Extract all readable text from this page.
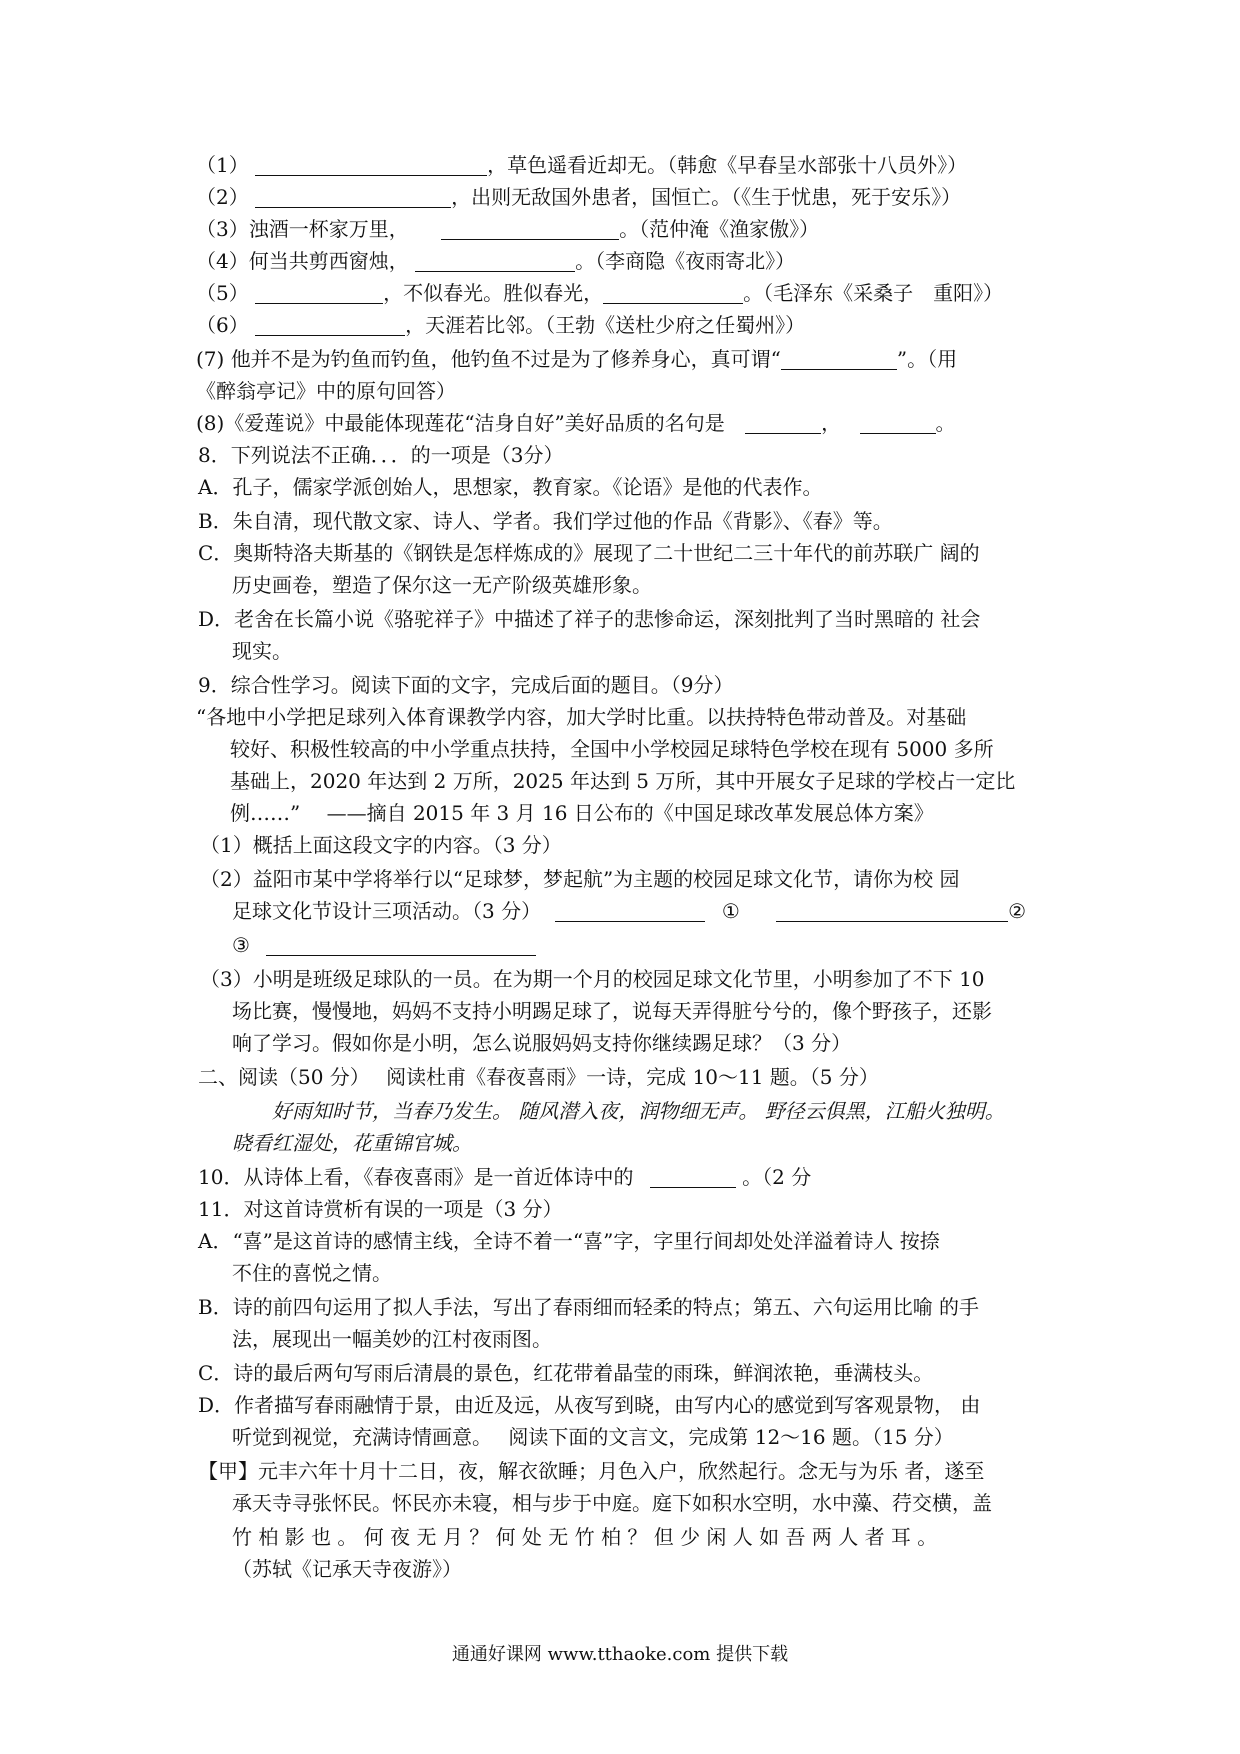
（1）	，草色遥看近却无。（韩愈《早春呈水部张十八员外》）
（2）	，出则无敌国外患者，国恒亡。（《生于忧患，死于安乐》）
（3）浊酒一杯家万里，	。（范仲淹《渔家傲》）
（4）何当共剪西窗烛，	。（李商隐《夜雨寄北》）
（5）	，不似春光。胜似春光，	。（毛泽东《采桑子　重阳》）
（6）	，天涯若比邻。（王勃《送杜少府之任蜀州》）
(7) 他并不是为钓鱼而钓鱼，他钓鱼不过是为了修养身心，真可谓“	”。（用
《醉翁亭记》中的原句回答）
(8)《爱莲说》中最能体现莲花“洁身自好”美好品质的名句是	，	。
8．下列说法不正确．．．的一项是（3分）
A．孔子，儒家学派创始人，思想家，教育家。《论语》是他的代表作。
B．朱自清，现代散文家、诗人、学者。我们学过他的作品《背影》、《春》等。
C．奥斯特洛夫斯基的《钢铁是怎样炼成的》展现了二十世纪二三十年代的前苏联广 阔的
历史画卷，塑造了保尔这一无产阶级英雄形象。
D．老舍在长篇小说《骆驼祥子》中描述了祥子的悲惨命运，深刻批判了当时黑暗的 社会
现实。
9．综合性学习。阅读下面的文字，完成后面的题目。（9分）
“各地中小学把足球列入体育课教学内容，加大学时比重。以扶持特色带动普及。对基础
较好、积极性较高的中小学重点扶持，全国中小学校园足球特色学校在现有 5000 多所
基础上，2020 年达到 2 万所，2025 年达到 5 万所，其中开展女子足球的学校占一定比
例……”　 ——摘自 2015 年 3 月 16 日公布的《中国足球改革发展总体方案》
（1）概括上面这段文字的内容。（3 分）
（2）益阳市某中学将举行以“足球梦，梦起航”为主题的校园足球文化节，请你为校 园
足球文化节设计三项活动。（3 分）	①	②
③
（3）小明是班级足球队的一员。在为期一个月的校园足球文化节里，小明参加了不下 10
场比赛，慢慢地，妈妈不支持小明踢足球了，说每天弄得脏兮兮的，像个野孩子，还影
响了学习。假如你是小明，怎么说服妈妈支持你继续踢足球？（3 分）
二、阅读（50 分）　 阅读杜甫《春夜喜雨》一诗，完成 10～11 题。（5 分）
好雨知时节，当春乃发生。 随风潜入夜，润物细无声。 野径云俱黑，江船火独明。
晓看红湿处，花重锦官城。
10．从诗体上看，《春夜喜雨》是一首近体诗中的	。（2 分
11．对这首诗赏析有误的一项是（3 分）
A．“喜”是这首诗的感情主线，全诗不着一“喜”字，字里行间却处处洋溢着诗人 按捺
不住的喜悦之情。
B．诗的前四句运用了拟人手法，写出了春雨细而轻柔的特点；第五、六句运用比喻 的手
法，展现出一幅美妙的江村夜雨图。
C．诗的最后两句写雨后清晨的景色，红花带着晶莹的雨珠，鲜润浓艳，垂满枝头。
D．作者描写春雨融情于景，由近及远，从夜写到晓，由写内心的感觉到写客观景物， 由
听觉到视觉，充满诗情画意。　 阅读下面的文言文，完成第 12～16 题。（15 分）
【甲】元丰六年十月十二日，夜，解衣欲睡；月色入户，欣然起行。念无与为乐 者，遂至
承天寺寻张怀民。怀民亦未寝，相与步于中庭。庭下如积水空明，水中藻、荇交横，盖
竹 柏 影 也 。 何 夜 无 月 ？ 何 处 无 竹 柏 ？ 但 少 闲 人 如 吾 两 人 者 耳 。
（苏轼《记承天寺夜游》）
通通好课网 www.tthaoke.com 提供下载
